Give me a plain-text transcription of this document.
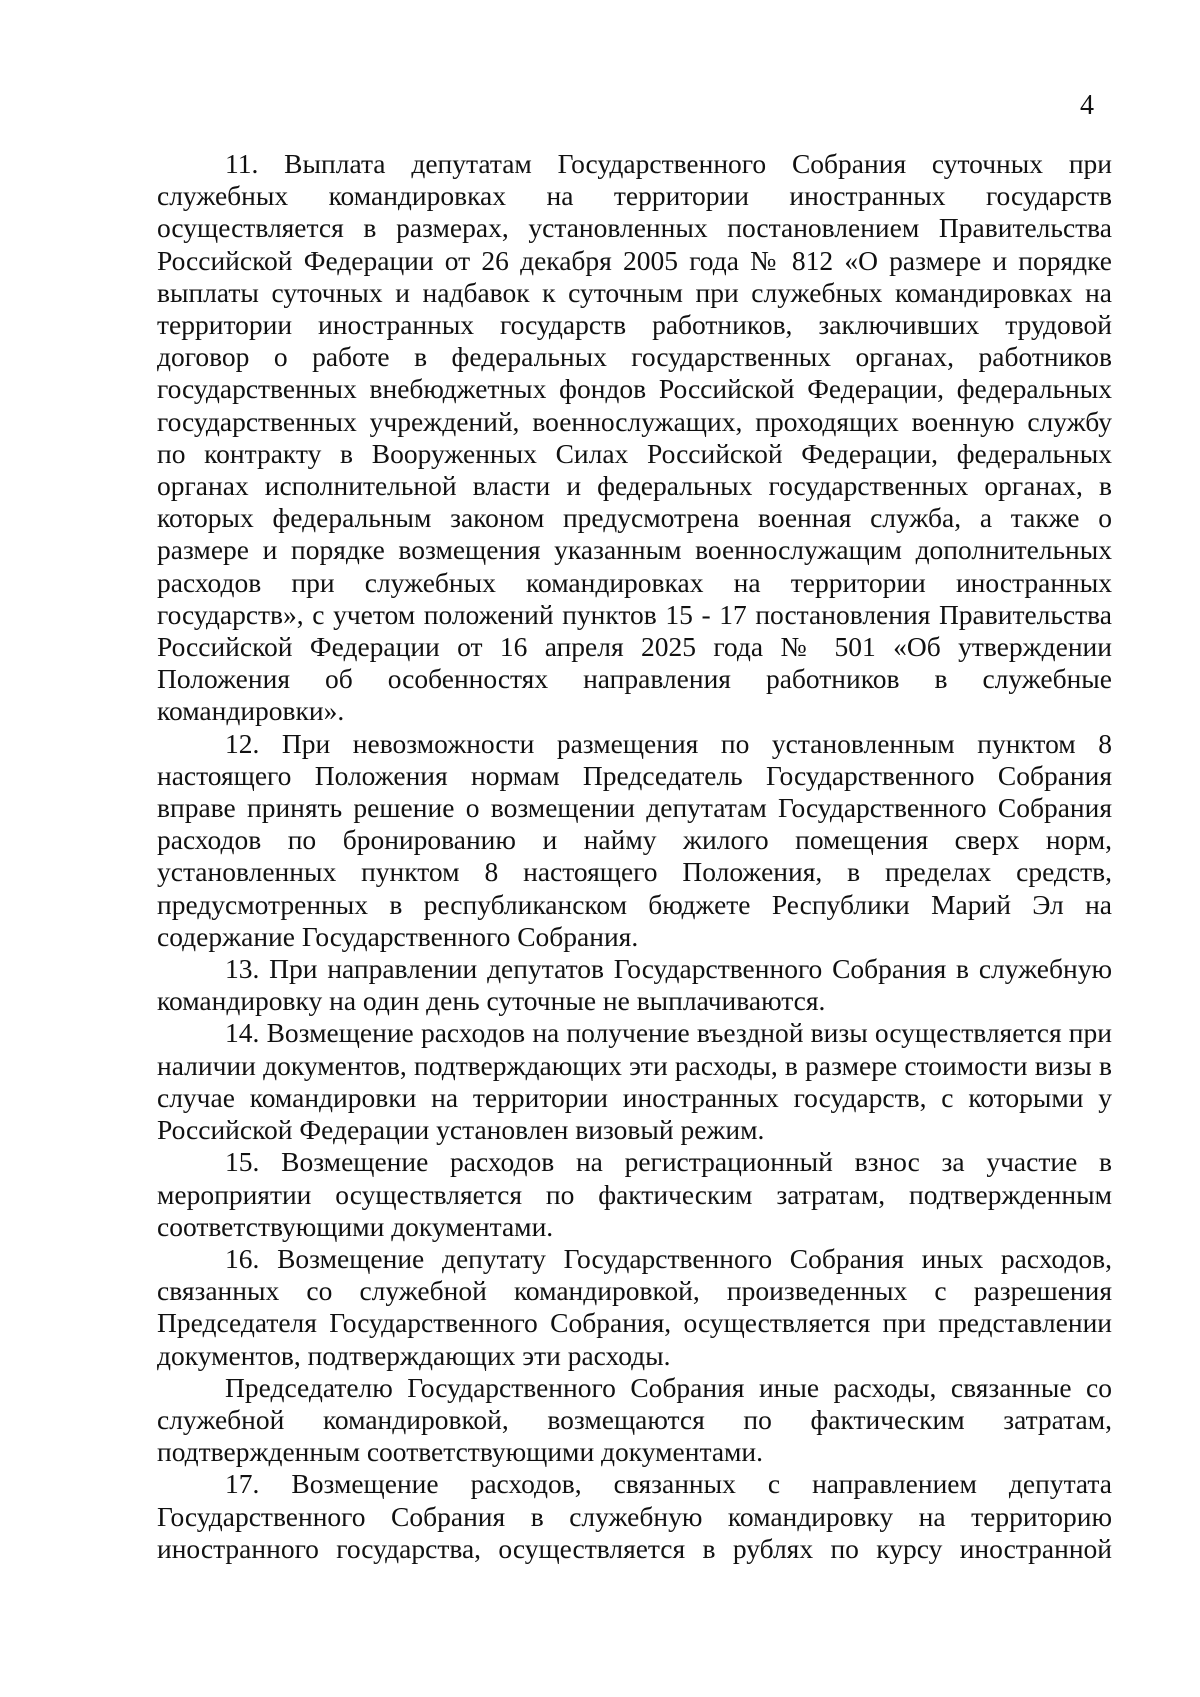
4

11. Выплата депутатам Государственного Собрания суточных при служебных командировках на территории иностранных государств осуществляется в размерах, установленных постановлением Правительства Российской Федерации от 26 декабря 2005 года № 812 «О размере и порядке выплаты суточных и надбавок к суточным при служебных командировках на территории иностранных государств работников, заключивших трудовой договор о работе в федеральных государственных органах, работников государственных внебюджетных фондов Российской Федерации, федеральных государственных учреждений, военнослужащих, проходящих военную службу по контракту в Вооруженных Силах Российской Федерации, федеральных органах исполнительной власти и федеральных государственных органах, в которых федеральным законом предусмотрена военная служба, а также о размере и порядке возмещения указанным военнослужащим дополнительных расходов при служебных командировках на территории иностранных государств», с учетом положений пунктов 15 - 17 постановления Правительства Российской Федерации от 16 апреля 2025 года № 501 «Об утверждении Положения об особенностях направления работников в служебные командировки».

12. При невозможности размещения по установленным пунктом 8 настоящего Положения нормам Председатель Государственного Собрания вправе принять решение о возмещении депутатам Государственного Собрания расходов по бронированию и найму жилого помещения сверх норм, установленных пунктом 8 настоящего Положения, в пределах средств, предусмотренных в республиканском бюджете Республики Марий Эл на содержание Государственного Собрания.

13. При направлении депутатов Государственного Собрания в служебную командировку на один день суточные не выплачиваются.

14. Возмещение расходов на получение въездной визы осуществляется при наличии документов, подтверждающих эти расходы, в размере стоимости визы в случае командировки на территории иностранных государств, с которыми у Российской Федерации установлен визовый режим.

15. Возмещение расходов на регистрационный взнос за участие в мероприятии осуществляется по фактическим затратам, подтвержденным соответствующими документами.

16. Возмещение депутату Государственного Собрания иных расходов, связанных со служебной командировкой, произведенных с разрешения Председателя Государственного Собрания, осуществляется при представлении документов, подтверждающих эти расходы.

Председателю Государственного Собрания иные расходы, связанные со служебной командировкой, возмещаются по фактическим затратам, подтвержденным соответствующими документами.

17. Возмещение расходов, связанных с направлением депутата Государственного Собрания в служебную командировку на территорию иностранного государства, осуществляется в рублях по курсу иностранной
